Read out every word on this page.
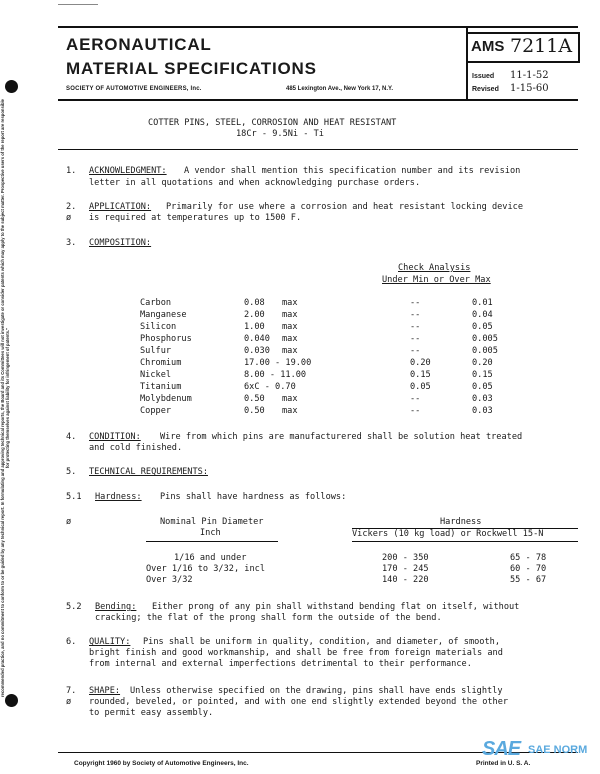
AERONAUTICAL
MATERIAL SPECIFICATIONS
SOCIETY OF AUTOMOTIVE ENGINEERS, Inc.	485 Lexington Ave., New York 17, N.Y.
AMS 7211A
Issued 11-1-52
Revised 1-15-60
recommended practice, and no commitment to conform to or be guided by any technical report. In formulating and approving technical reports, the Board and its Committees will not investigate or consider patents which may apply to the subject matter. Prospective users of the report are responsible for protecting themselves against liability for infringement of patents."
COTTER PINS, STEEL, CORROSION AND HEAT RESISTANT
18Cr - 9.5Ni - Ti
1. ACKNOWLEDGMENT: A vendor shall mention this specification number and its revision
letter in all quotations and when acknowledging purchase orders.
2.
ø
APPLICATION: Primarily for use where a corrosion and heat resistant locking device
is required at temperatures up to 1500 F.
3. COMPOSITION:
Check Analysis
Under Min or Over Max
Carbon	0.08 max	--	0.01
Manganese	2.00 max	--	0.04
Silicon	1.00 max	--	0.05
Phosphorus	0.040 max	--	0.005
Sulfur	0.030 max	--	0.005
Chromium	17.00 - 19.00	0.20	0.20
Nickel	8.00 - 11.00	0.15	0.15
Titanium	6xC - 0.70	0.05	0.05
Molybdenum	0.50 max	--	0.03
Copper	0.50 max	--	0.03
4. CONDITION: Wire from which pins are manufacturered shall be solution heat treated
and cold finished.
5. TECHNICAL REQUIREMENTS:
5.1 Hardness: Pins shall have hardness as follows:
ø	Nominal Pin Diameter
Inch
Hardness
Vickers (10 kg load) or Rockwell 15-N
1/16 and under	200 - 350	65 - 78
Over 1/16 to 3/32, incl	170 - 245	60 - 70
Over 3/32	140 - 220	55 - 67
5.2 Bending: Either prong of any pin shall withstand bending flat on itself, without
cracking; the flat of the prong shall form the outside of the bend.
6. QUALITY: Pins shall be uniform in quality, condition, and diameter, of smooth,
bright finish and good workmanship, and shall be free from foreign materials and
from internal and external imperfections detrimental to their performance.
7.
ø
SHAPE: Unless otherwise specified on the drawing, pins shall have ends slightly
rounded, beveled, or pointed, and with one end slightly extended beyond the other
to permit easy assembly.
Copyright 1960 by Society of Automotive Engineers, Inc.	Printed in U. S. A.
SAE SAE NORM
